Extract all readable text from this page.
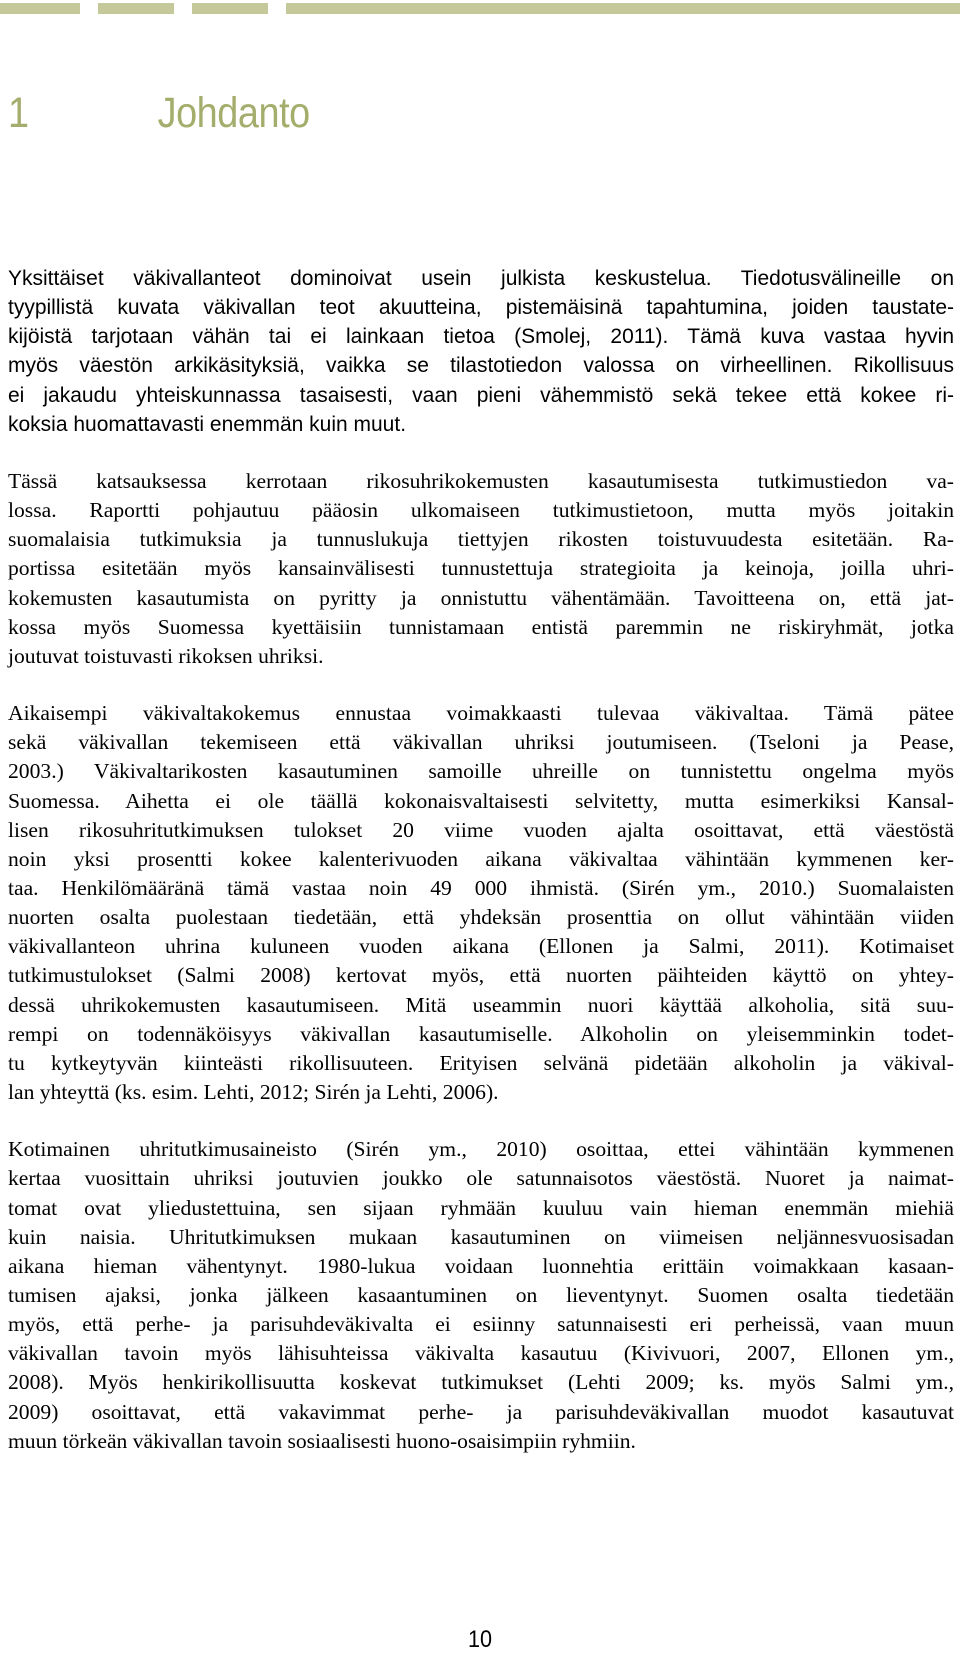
1	Johdanto

Yksittäiset väkivallanteot dominoivat usein julkista keskustelua. Tiedotusvälineille on
tyypillistä kuvata väkivallan teot akuutteina, pistemäisinä tapahtumina, joiden taustate-
kijöistä tarjotaan vähän tai ei lainkaan tietoa (Smolej, 2011). Tämä kuva vastaa hyvin
myös väestön arkikäsityksiä, vaikka se tilastotiedon valossa on virheellinen. Rikollisuus
ei jakaudu yhteiskunnassa tasaisesti, vaan pieni vähemmistö sekä tekee että kokee ri-
koksia huomattavasti enemmän kuin muut.

Tässä katsauksessa kerrotaan rikosuhrikokemusten kasautumisesta tutkimustiedon va-
lossa. Raportti pohjautuu pääosin ulkomaiseen tutkimustietoon, mutta myös joitakin
suomalaisia tutkimuksia ja tunnuslukuja tiettyjen rikosten toistuvuudesta esitetään. Ra-
portissa esitetään myös kansainvälisesti tunnustettuja strategioita ja keinoja, joilla uhri-
kokemusten kasautumista on pyritty ja onnistuttu vähentämään. Tavoitteena on, että jat-
kossa myös Suomessa kyettäisiin tunnistamaan entistä paremmin ne riskiryhmät, jotka
joutuvat toistuvasti rikoksen uhriksi.

Aikaisempi väkivaltakokemus ennustaa voimakkaasti tulevaa väkivaltaa. Tämä pätee
sekä väkivallan tekemiseen että väkivallan uhriksi joutumiseen. (Tseloni ja Pease,
2003.) Väkivaltarikosten kasautuminen samoille uhreille on tunnistettu ongelma myös
Suomessa. Aihetta ei ole täällä kokonaisvaltaisesti selvitetty, mutta esimerkiksi Kansal-
lisen rikosuhritutkimuksen tulokset 20 viime vuoden ajalta osoittavat, että väestöstä
noin yksi prosentti kokee kalenterivuoden aikana väkivaltaa vähintään kymmenen ker-
taa. Henkilömääränä tämä vastaa noin 49 000 ihmistä. (Sirén ym., 2010.) Suomalaisten
nuorten osalta puolestaan tiedetään, että yhdeksän prosenttia on ollut vähintään viiden
väkivallanteon uhrina kuluneen vuoden aikana (Ellonen ja Salmi, 2011). Kotimaiset
tutkimustulokset (Salmi 2008) kertovat myös, että nuorten päihteiden käyttö on yhtey-
dessä uhrikokemusten kasautumiseen. Mitä useammin nuori käyttää alkoholia, sitä suu-
rempi on todennäköisyys väkivallan kasautumiselle. Alkoholin on yleisemminkin todet-
tu kytkeytyvän kiinteästi rikollisuuteen. Erityisen selvänä pidetään alkoholin ja väkival-
lan yhteyttä (ks. esim. Lehti, 2012; Sirén ja Lehti, 2006).

Kotimainen uhritutkimusaineisto (Sirén ym., 2010) osoittaa, ettei vähintään kymmenen
kertaa vuosittain uhriksi joutuvien joukko ole satunnaisotos väestöstä. Nuoret ja naimat-
tomat ovat yliedustettuina, sen sijaan ryhmään kuuluu vain hieman enemmän miehiä
kuin naisia. Uhritutkimuksen mukaan kasautuminen on viimeisen neljännesvuosisadan
aikana hieman vähentynyt. 1980-lukua voidaan luonnehtia erittäin voimakkaan kasaan-
tumisen ajaksi, jonka jälkeen kasaantuminen on lieventynyt. Suomen osalta tiedetään
myös, että perhe- ja parisuhdeväkivalta ei esiinny satunnaisesti eri perheissä, vaan muun
väkivallan tavoin myös lähisuhteissa väkivalta kasautuu (Kivivuori, 2007, Ellonen ym.,
2008). Myös henkirikollisuutta koskevat tutkimukset (Lehti 2009; ks. myös Salmi ym.,
2009) osoittavat, että vakavimmat perhe- ja parisuhdeväkivallan muodot kasautuvat
muun törkeän väkivallan tavoin sosiaalisesti huono-osaisimpiin ryhmiin.

10
